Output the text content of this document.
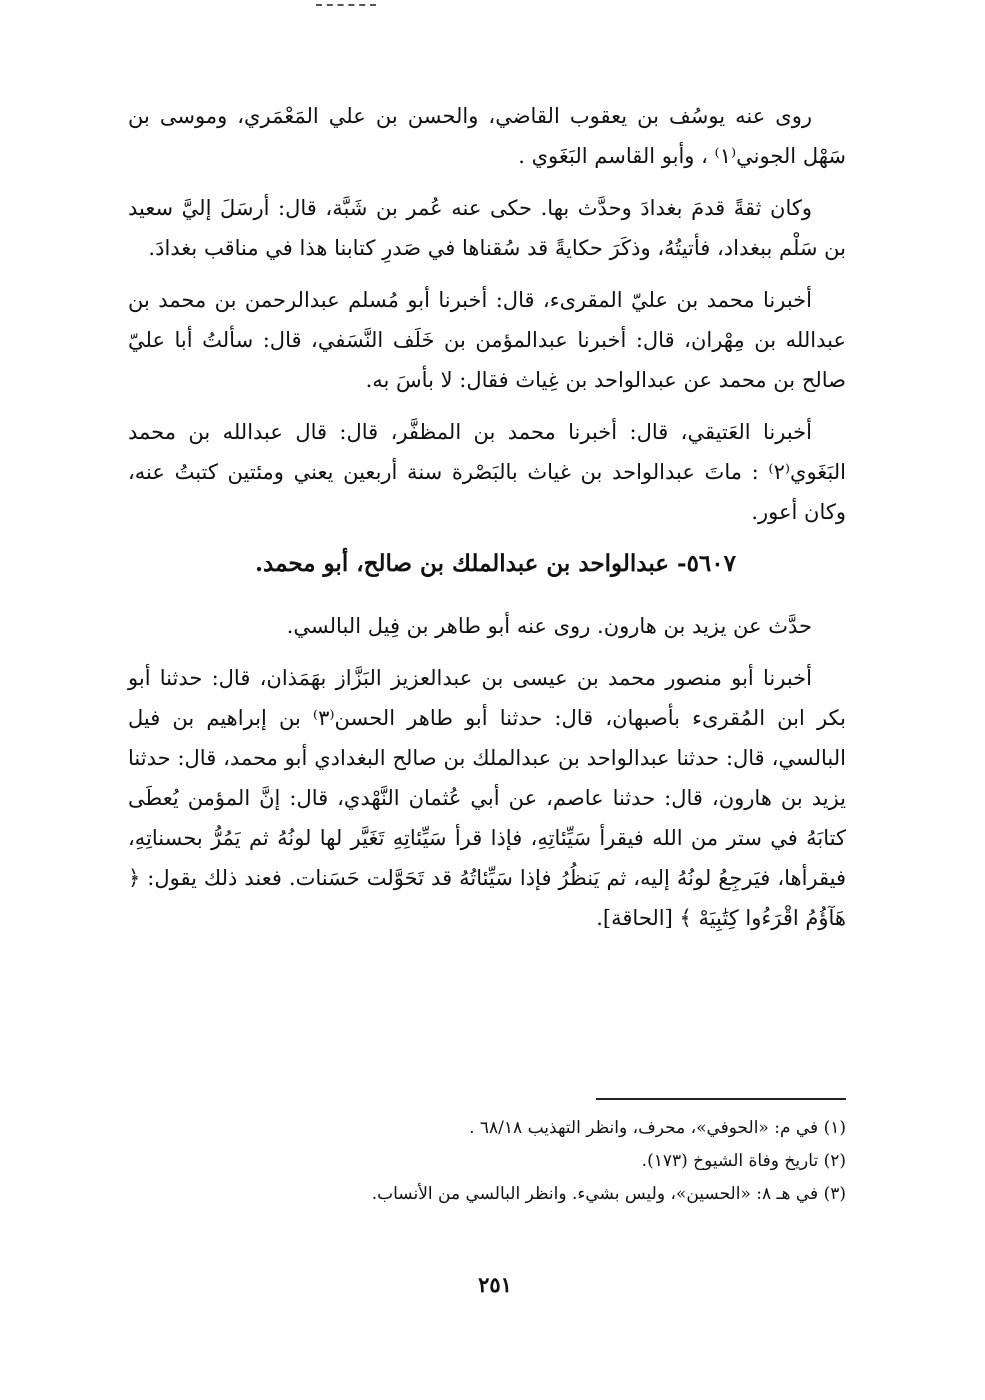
روى عنه يوسُف بن يعقوب القاضي، والحسن بن علي المَعْمَري، وموسى بن سَهْل الجوني⁽١⁾ ، وأبو القاسم البَغَوي .

وكان ثقةً قدمَ بغدادَ وحدَّث بها. حكى عنه عُمر بن شَبَّة، قال: أرسَلَ إليَّ سعيد بن سَلْم ببغداد، فأتيتُهُ، وذكَرَ حكايةً قد سُقناها في صَدرِ كتابنا هذا في مناقب بغدادَ.

أخبرنا محمد بن عليّ المقرىء، قال: أخبرنا أبو مُسلم عبدالرحمن بن محمد بن عبدالله بن مِهْران، قال: أخبرنا عبدالمؤمن بن خَلَف النَّسَفي، قال: سألتُ أبا عليّ صالح بن محمد عن عبدالواحد بن غِياث فقال: لا بأسَ به.

أخبرنا العَتيقي، قال: أخبرنا محمد بن المظفَّر، قال: قال عبدالله بن محمد البَغَوي⁽٢⁾ : ماتَ عبدالواحد بن غياث بالبَصْرة سنة أربعين يعني ومئتين كتبتُ عنه، وكان أعور.

٥٦٠٧- عبدالواحد بن عبدالملك بن صالح، أبو محمد.

حدَّث عن يزيد بن هارون. روى عنه أبو طاهر بن فِيل البالسي.

أخبرنا أبو منصور محمد بن عيسى بن عبدالعزيز البَزَّاز بهَمَذان، قال: حدثنا أبو بكر ابن المُقرىء بأصبهان، قال: حدثنا أبو طاهر الحسن⁽٣⁾ بن إبراهيم بن فيل البالسي، قال: حدثنا عبدالواحد بن عبدالملك بن صالح البغدادي أبو محمد، قال: حدثنا يزيد بن هارون، قال: حدثنا عاصم، عن أبي عُثمان النَّهْدي، قال: إنَّ المؤمن يُعطَى كتابَهُ في ستر من الله فيقرأ سَيِّئاتِهِ، فإذا قرأ سَيِّئاتِهِ تَغَيَّر لها لونُهُ ثم يَمُرُّ بحسناتِهِ، فيقرأها، فيَرجِعُ لونُهُ إليه، ثم يَنظُرُ فإذا سَيِّئاتُهُ قد تَحَوَّلت حَسَنات. فعند ذلك يقول: ﴿ هَآؤُمُ اقْرَءُوا كِتَٰبِيَهْ ﴾ [الحاقة].

(١) في م: «الحوفي»، محرف، وانظر التهذيب ٦٨/١٨ .
(٢) تاريخ وفاة الشيوخ (١٧٣).
(٣) في هـ ٨: «الحسين»، وليس بشيء. وانظر البالسي من الأنساب.
٢٥١
